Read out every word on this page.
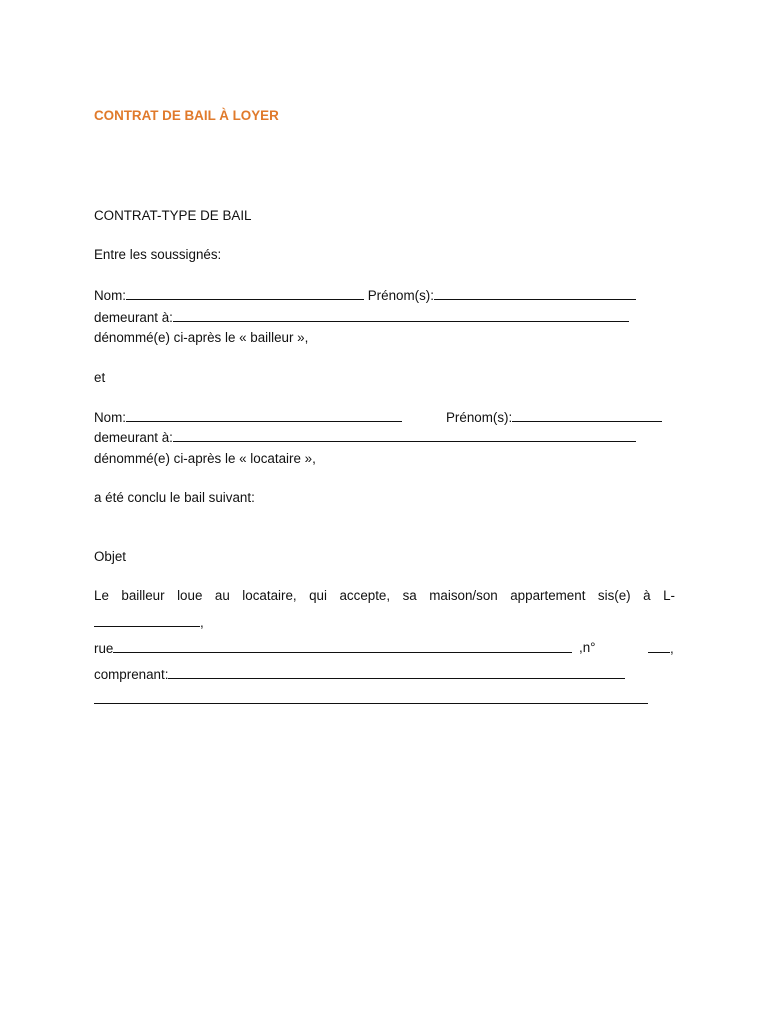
CONTRAT DE BAIL À LOYER
CONTRAT-TYPE DE BAIL
Entre les soussignés:
Nom:	Prénom(s):
demeurant à:
dénommé(e) ci-après le « bailleur »,
et
Nom:	Prénom(s):
demeurant à:
dénommé(e) ci-après le « locataire »,
a été conclu le bail suivant:
Objet
Le bailleur loue au locataire, qui accepte, sa maison/son appartement sis(e) à L-
,
rue	,n°	,
comprenant:
